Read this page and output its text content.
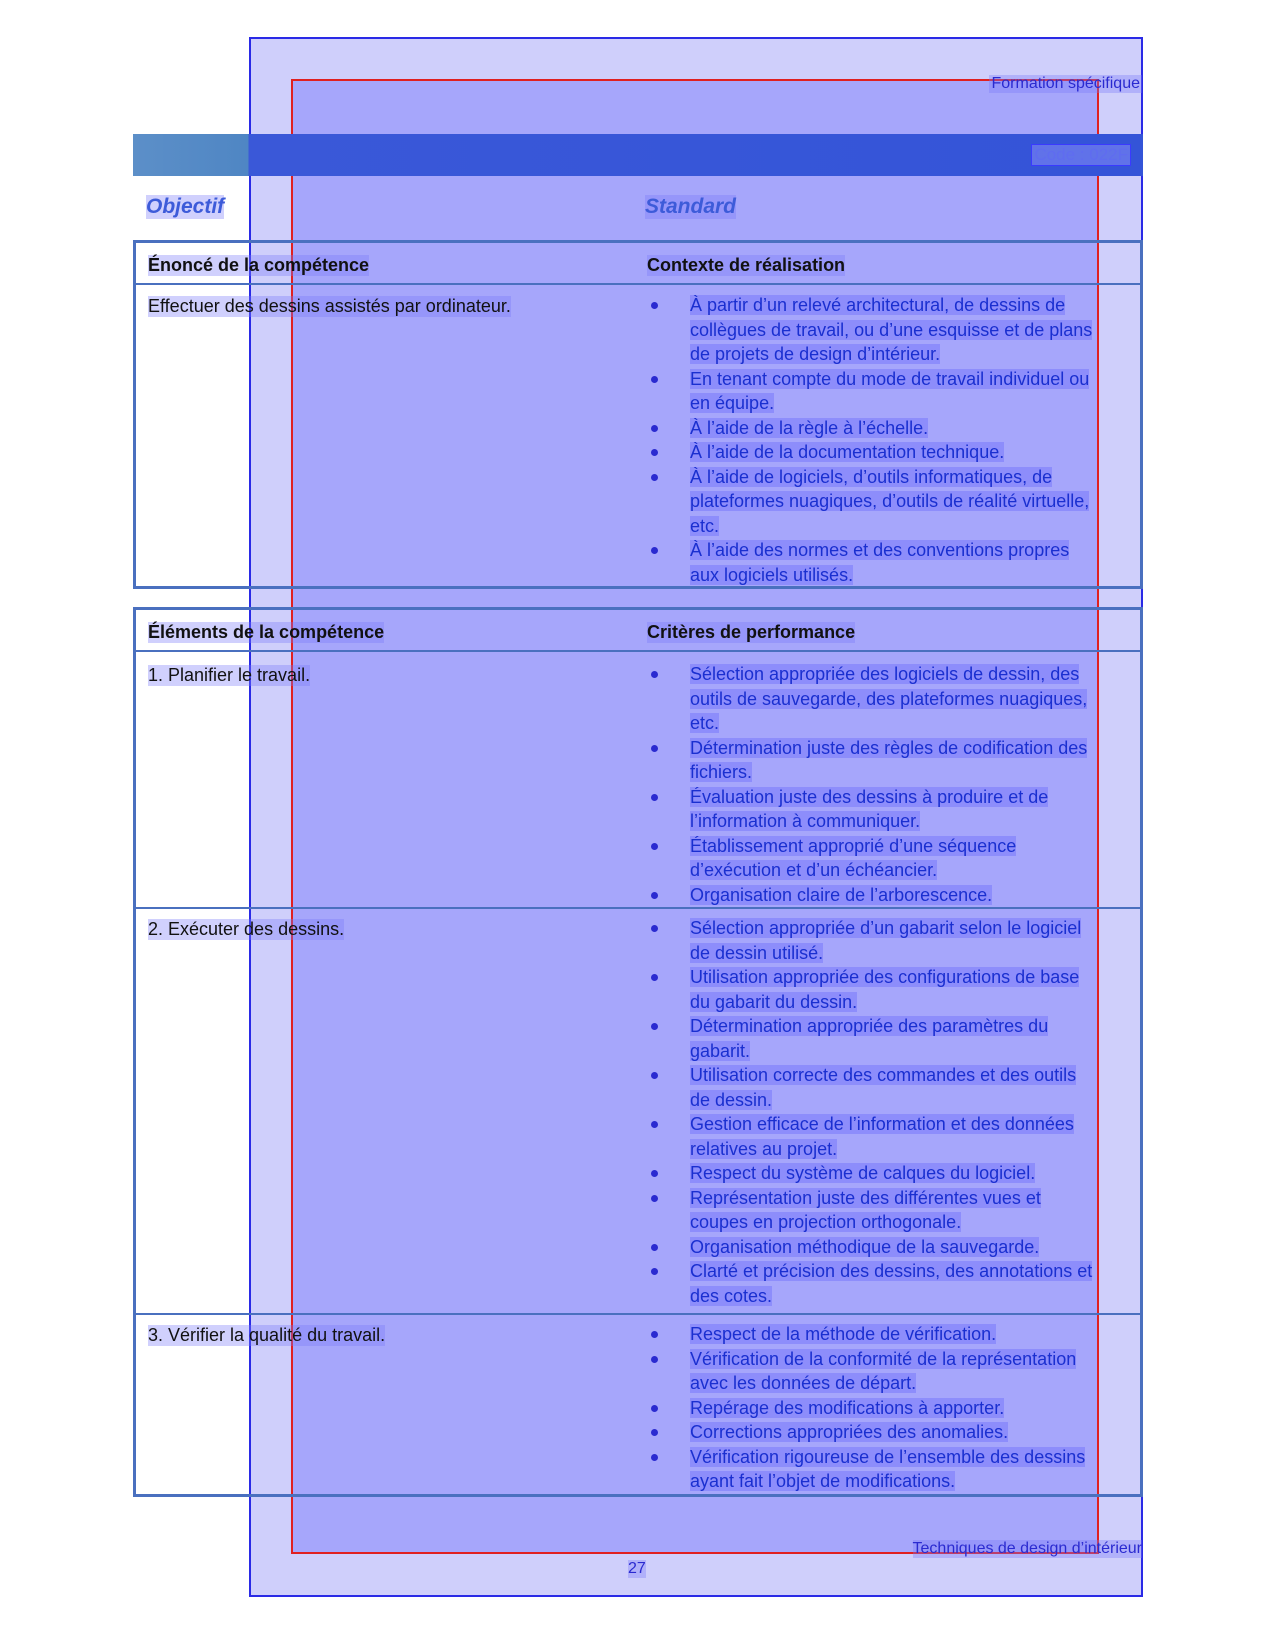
Formation spécifique
Code : 022F
Objectif	Standard
Énoncé de la compétence	Contexte de réalisation
Effectuer des dessins assistés par ordinateur.	À partir d’un relevé architectural, de dessins de collègues de travail, ou d’une esquisse et de plans de projets de design d’intérieur.
En tenant compte du mode de travail individuel ou en équipe.
À l’aide de la règle à l’échelle.
À l’aide de la documentation technique.
À l’aide de logiciels, d’outils informatiques, de plateformes nuagiques, d’outils de réalité virtuelle, etc.
À l’aide des normes et des conventions propres aux logiciels utilisés.
Éléments de la compétence	Critères de performance
1. Planifier le travail.	Sélection appropriée des logiciels de dessin, des outils de sauvegarde, des plateformes nuagiques, etc.
Détermination juste des règles de codification des fichiers.
Évaluation juste des dessins à produire et de l’information à communiquer.
Établissement approprié d’une séquence d’exécution et d’un échéancier.
Organisation claire de l’arborescence.
2. Exécuter des dessins.	Sélection appropriée d’un gabarit selon le logiciel de dessin utilisé.
Utilisation appropriée des configurations de base du gabarit du dessin.
Détermination appropriée des paramètres du gabarit.
Utilisation correcte des commandes et des outils de dessin.
Gestion efficace de l’information et des données relatives au projet.
Respect du système de calques du logiciel.
Représentation juste des différentes vues et coupes en projection orthogonale.
Organisation méthodique de la sauvegarde.
Clarté et précision des dessins, des annotations et des cotes.
3. Vérifier la qualité du travail.	Respect de la méthode de vérification.
Vérification de la conformité de la représentation avec les données de départ.
Repérage des modifications à apporter.
Corrections appropriées des anomalies.
Vérification rigoureuse de l’ensemble des dessins ayant fait l’objet de modifications.
Techniques de design d’intérieur
27
